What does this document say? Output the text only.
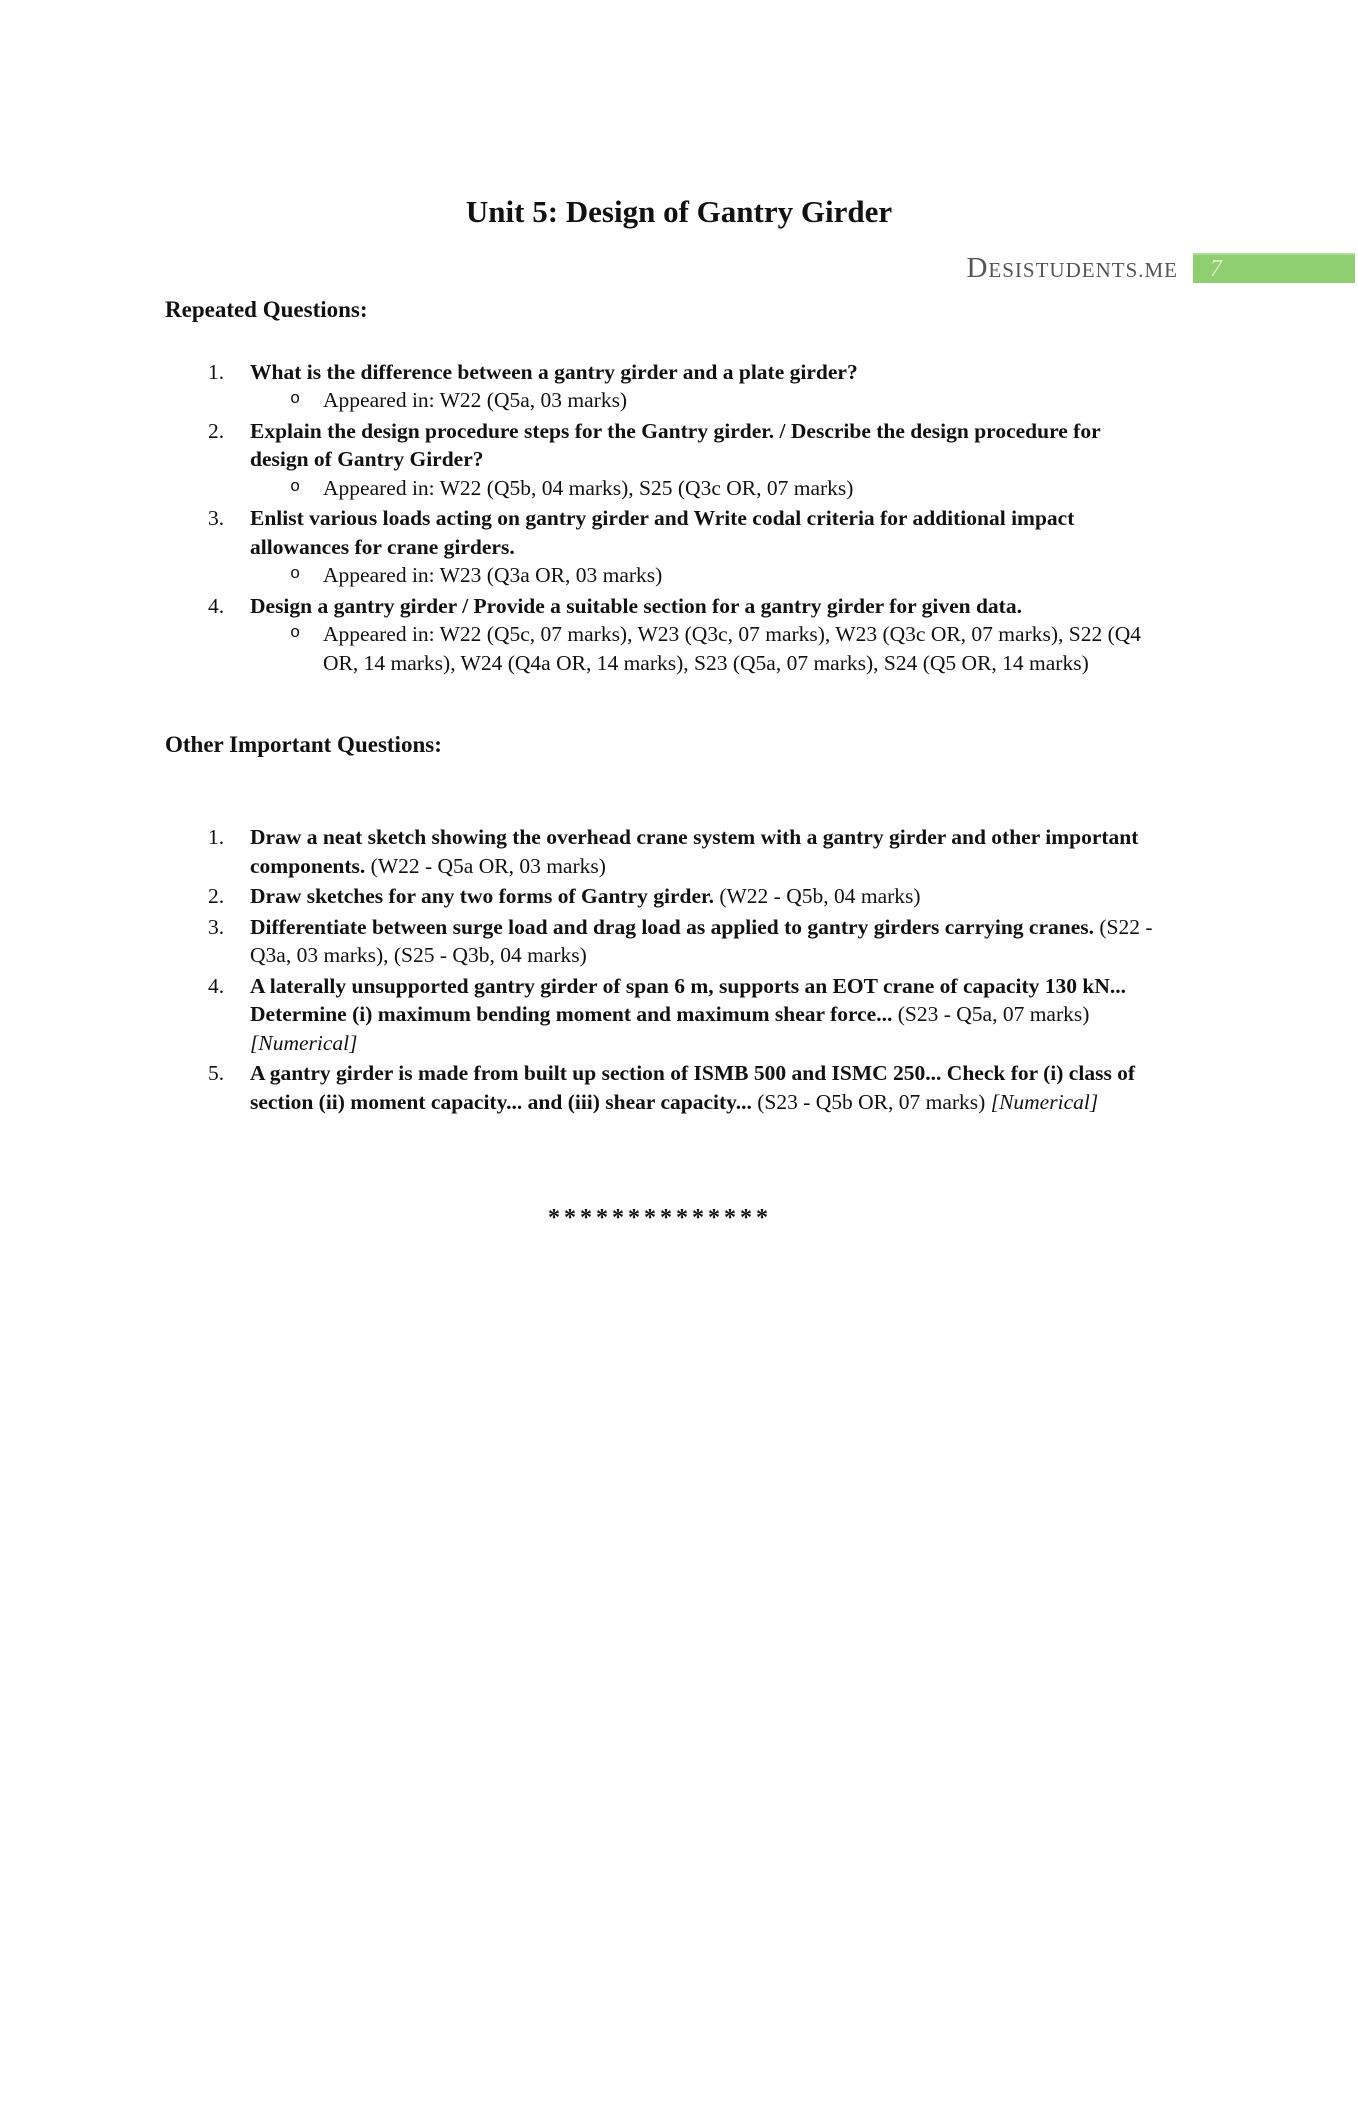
DESISTUDENTS.ME 7
Unit 5: Design of Gantry Girder
Repeated Questions:
1.	What is the difference between a gantry girder and a plate girder?
o	Appeared in: W22 (Q5a, 03 marks)
2.	Explain the design procedure steps for the Gantry girder. / Describe the design procedure for design of Gantry Girder?
o	Appeared in: W22 (Q5b, 04 marks), S25 (Q3c OR, 07 marks)
3.	Enlist various loads acting on gantry girder and Write codal criteria for additional impact allowances for crane girders.
o	Appeared in: W23 (Q3a OR, 03 marks)
4.	Design a gantry girder / Provide a suitable section for a gantry girder for given data.
o	Appeared in: W22 (Q5c, 07 marks), W23 (Q3c, 07 marks), W23 (Q3c OR, 07 marks), S22 (Q4 OR, 14 marks), W24 (Q4a OR, 14 marks), S23 (Q5a, 07 marks), S24 (Q5 OR, 14 marks)
Other Important Questions:
1.	Draw a neat sketch showing the overhead crane system with a gantry girder and other important components. (W22 - Q5a OR, 03 marks)
2.	Draw sketches for any two forms of Gantry girder. (W22 - Q5b, 04 marks)
3.	Differentiate between surge load and drag load as applied to gantry girders carrying cranes. (S22 - Q3a, 03 marks), (S25 - Q3b, 04 marks)
4.	A laterally unsupported gantry girder of span 6 m, supports an EOT crane of capacity 130 kN... Determine (i) maximum bending moment and maximum shear force... (S23 - Q5a, 07 marks) [Numerical]
5.	A gantry girder is made from built up section of ISMB 500 and ISMC 250... Check for (i) class of section (ii) moment capacity... and (iii) shear capacity... (S23 - Q5b OR, 07 marks) [Numerical]
**************
